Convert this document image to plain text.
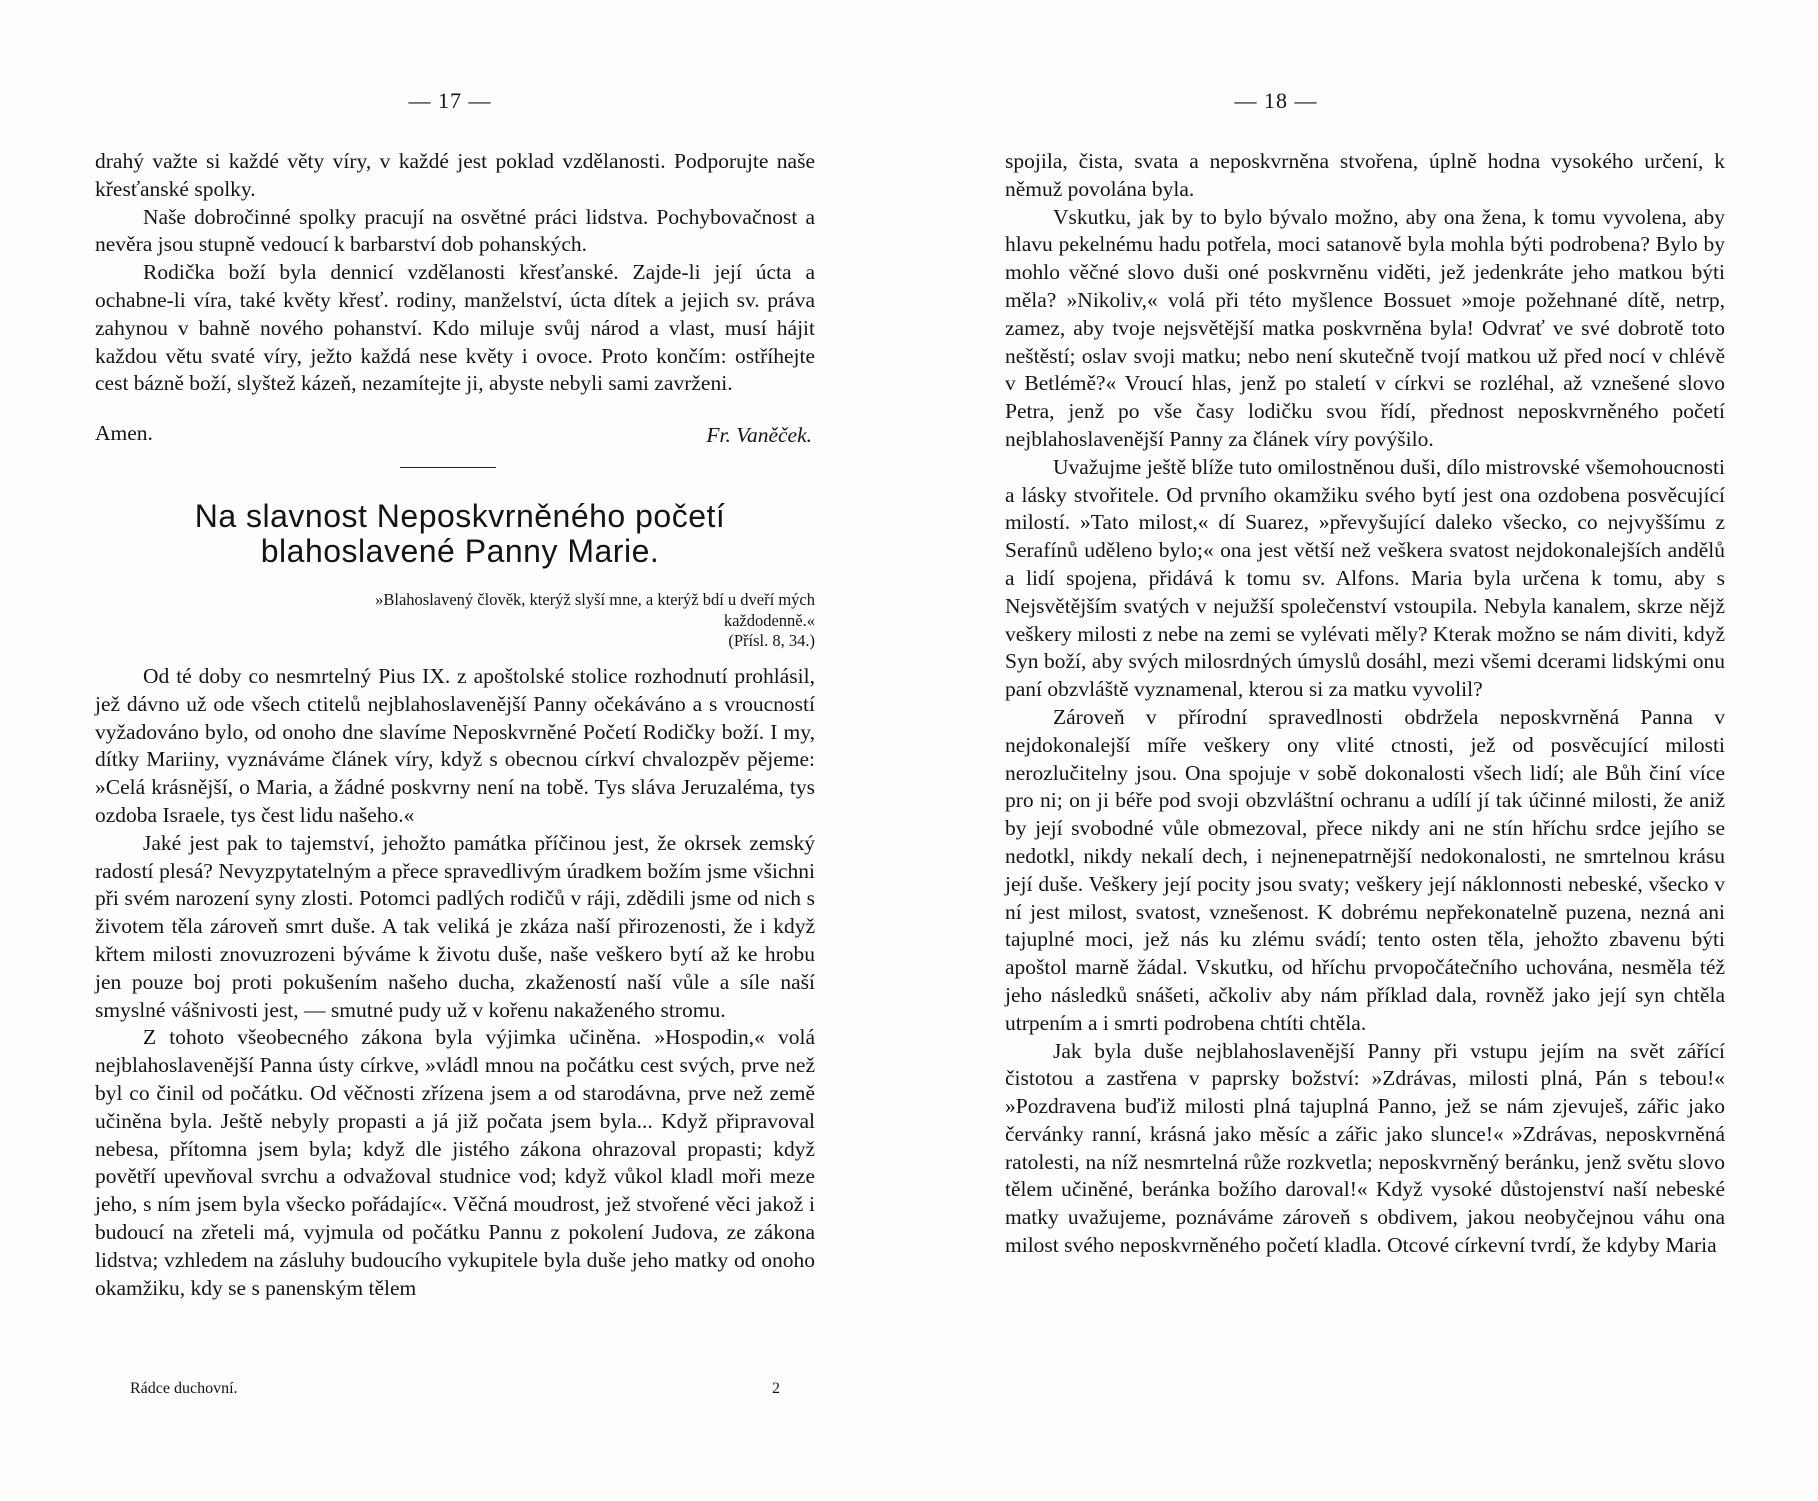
— 17 —

drahý važte si každé věty víry, v každé jest poklad vzdělanosti. Podporujte naše křesťanské spolky.

Naše dobročinné spolky pracují na osvětné práci lidstva. Pochybovačnost a nevěra jsou stupně vedoucí k barbarství dob pohanských.

Rodička boží byla dennicí vzdělanosti křesťanské. Zajde-li její úcta a ochabne-li víra, také květy křesť. rodiny, manželství, úcta dítek a jejich sv. práva zahynou v bahně nového pohanství. Kdo miluje svůj národ a vlast, musí hájit každou větu svaté víry, ježto každá nese květy i ovoce. Proto končím: ostříhejte cest bázně boží, slyštež kázeň, nezamítejte ji, abyste nebyli sami zavrženi.

Amen.	Fr. Vaněček.
Na slavnost Neposkvrněného početí blahoslavené Panny Marie.
»Blahoslavený člověk, kterýž slyší mne, a kterýž bdí u dveří mých každodenně.«
(Přísl. 8, 34.)

Od té doby co nesmrtelný Pius IX. z apoštolské stolice rozhodnutí prohlásil, jež dávno už ode všech ctitelů nejblahoslavenější Panny očekáváno a s vroucností vyžadováno bylo, od onoho dne slavíme Neposkvrněné Početí Rodičky boží. I my, dítky Mariiny, vyznáváme článek víry, když s obecnou církví chvalozpěv pějeme: »Celá krásnější, o Maria, a žádné poskvrny není na tobě. Tys sláva Jeruzaléma, tys ozdoba Israele, tys čest lidu našeho.«

Jaké jest pak to tajemství, jehožto památka příčinou jest, že okrsek zemský radostí plesá? Nevyzpytatelným a přece spravedlivým úradkem božím jsme všichni při svém narození syny zlosti. Potomci padlých rodičů v ráji, zdědili jsme od nich s životem těla zároveň smrt duše. A tak veliká je zkáza naší přirozenosti, že i když křtem milosti znovuzrozeni býváme k životu duše, naše veškero bytí až ke hrobu jen pouze boj proti pokušením našeho ducha, zkažeností naší vůle a síle naší smyslné vášnivosti jest, — smutné pudy už v kořenu nakaženého stromu.

Z tohoto všeobecného zákona byla výjimka učiněna. »Hospodin,« volá nejblahoslavenější Panna ústy církve, »vládl mnou na počátku cest svých, prve než byl co činil od počátku. Od věčnosti zřízena jsem a od starodávna, prve než země učiněna byla. Ještě nebyly propasti a já již počata jsem byla... Když připravoval nebesa, přítomna jsem byla; když dle jistého zákona ohrazoval propasti; když povětří upevňoval svrchu a odvažoval studnice vod; když vůkol kladl moři meze jeho, s ním jsem byla všecko pořádajíc«. Věčná moudrost, jež stvořené věci jakož i budoucí na zřeteli má, vyjmula od počátku Pannu z pokolení Judova, ze zákona lidstva; vzhledem na zásluhy budoucího vykupitele byla duše jeho matky od onoho okamžiku, kdy se s panenským tělem

Rádce duchovní.	2
— 18 —

spojila, čista, svata a neposkvrněna stvořena, úplně hodna vysokého určení, k němuž povolána byla.

Vskutku, jak by to bylo bývalo možno, aby ona žena, k tomu vyvolena, aby hlavu pekelnému hadu potřela, moci satanově byla mohla býti podrobena? Bylo by mohlo věčné slovo duši oné poskvrněnu viděti, jež jedenkráte jeho matkou býti měla? »Nikoliv,« volá při této myšlence Bossuet »moje požehnané dítě, netrp, zamez, aby tvoje nejsvětější matka poskvrněna byla! Odvrať ve své dobrotě toto neštěstí; oslav svoji matku; nebo není skutečně tvojí matkou už před nocí v chlévě v Betlémě?« Vroucí hlas, jenž po staletí v církvi se rozléhal, až vznešené slovo Petra, jenž po vše časy lodičku svou řídí, přednost neposkvrněného početí nejblahoslavenější Panny za článek víry povýšilo.

Uvažujme ještě blíže tuto omilostněnou duši, dílo mistrovské všemohoucnosti a lásky stvořitele. Od prvního okamžiku svého bytí jest ona ozdobena posvěcující milostí. »Tato milost,« dí Suarez, »převyšující daleko všecko, co nejvyššímu z Serafínů uděleno bylo;« ona jest větší než veškera svatost nejdokonalejších andělů a lidí spojena, přidává k tomu sv. Alfons. Maria byla určena k tomu, aby s Nejsvětějším svatých v nejužší společenství vstoupila. Nebyla kanalem, skrze nějž veškery milosti z nebe na zemi se vylévati měly? Kterak možno se nám diviti, když Syn boží, aby svých milosrdných úmyslů dosáhl, mezi všemi dcerami lidskými onu paní obzvláště vyznamenal, kterou si za matku vyvolil?

Zároveň v přírodní spravedlnosti obdržela neposkvrněná Panna v nejdokonalejší míře veškery ony vlité ctnosti, jež od posvěcující milosti nerozlučitelny jsou. Ona spojuje v sobě dokonalosti všech lidí; ale Bůh činí více pro ni; on ji béře pod svoji obzvláštní ochranu a udílí jí tak účinné milosti, že aniž by její svobodné vůle obmezoval, přece nikdy ani ne stín hříchu srdce jejího se nedotkl, nikdy nekalí dech, i nejnenepatrnější nedokonalosti, ne smrtelnou krásu její duše. Veškery její pocity jsou svaty; veškery její náklonnosti nebeské, všecko v ní jest milost, svatost, vznešenost. K dobrému nepřekonatelně puzena, nezná ani tajuplné moci, jež nás ku zlému svádí; tento osten těla, jehožto zbavenu býti apoštol marně žádal. Vskutku, od hříchu prvopočátečního uchována, nesměla též jeho následků snášeti, ačkoliv aby nám příklad dala, rovněž jako její syn chtěla utrpením a i smrti podrobena chtíti chtěla.

Jak byla duše nejblahoslavenější Panny při vstupu jejím na svět zářící čistotou a zastřena v paprsky božství: »Zdrávas, milosti plná, Pán s tebou!« »Pozdravena buďiž milosti plná tajuplná Panno, jež se nám zjevuješ, zářic jako červánky ranní, krásná jako měsíc a zářic jako slunce!« »Zdrávas, neposkvrněná ratolesti, na níž nesmrtelná růže rozkvetla; neposkvrněný beránku, jenž světu slovo tělem učiněné, beránka božího daroval!« Když vysoké důstojenství naší nebeské matky uvažujeme, poznáváme zároveň s obdivem, jakou neobyčejnou váhu ona milost svého neposkvrněného početí kladla. Otcové církevní tvrdí, že kdyby Maria
